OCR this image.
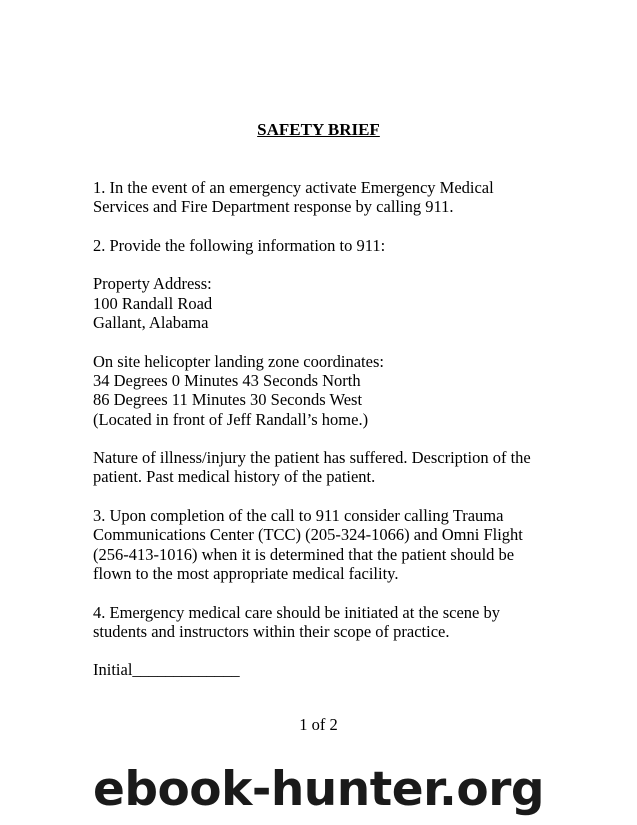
SAFETY BRIEF

1. In the event of an emergency activate Emergency Medical
Services and Fire Department response by calling 911.

2. Provide the following information to 911:

Property Address:
100 Randall Road
Gallant, Alabama

On site helicopter landing zone coordinates:
34 Degrees 0 Minutes 43 Seconds North
86 Degrees 11 Minutes 30 Seconds West
(Located in front of Jeff Randall’s home.)

Nature of illness/injury the patient has suffered. Description of the
patient. Past medical history of the patient.

3. Upon completion of the call to 911 consider calling Trauma
Communications Center (TCC) (205-324-1066) and Omni Flight
(256-413-1016) when it is determined that the patient should be
flown to the most appropriate medical facility.

4. Emergency medical care should be initiated at the scene by
students and instructors within their scope of practice.

Initial_____________

1 of 2
ebook-hunter.org
